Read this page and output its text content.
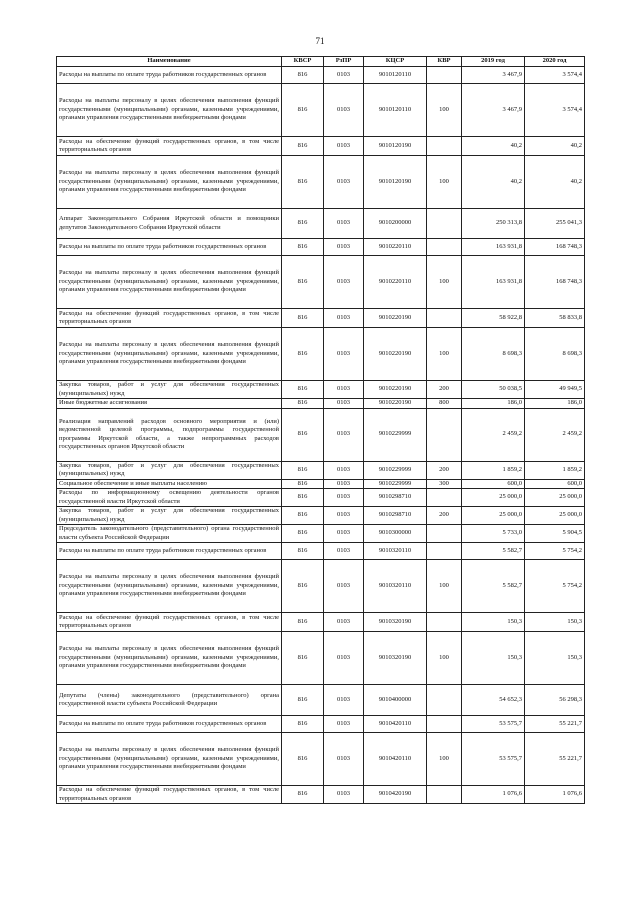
71
Наименование	КВСР	РзПР	КЦСР	КВР	2019 год	2020 год
Расходы на выплаты по оплате труда работников государственных органов	816	0103	9010120110		3 467,9	3 574,4
Расходы на выплаты персоналу в целях обеспечения выполнения функций государственными (муниципальными) органами, казенными учреждениями, органами управления государственными внебюджетными фондами	816	0103	9010120110	100	3 467,9	3 574,4
Расходы на обеспечение функций государственных органов, в том числе территориальных органов	816	0103	9010120190		40,2	40,2
Расходы на выплаты персоналу в целях обеспечения выполнения функций государственными (муниципальными) органами, казенными учреждениями, органами управления государственными внебюджетными фондами	816	0103	9010120190	100	40,2	40,2
Аппарат Законодательного Собрания Иркутской области и помощники депутатов Законодательного Собрания Иркутской области	816	0103	9010200000		250 313,8	255 041,3
Расходы на выплаты по оплате труда работников государственных органов	816	0103	9010220110		163 931,8	168 748,3
Расходы на выплаты персоналу в целях обеспечения выполнения функций государственными (муниципальными) органами, казенными учреждениями, органами управления государственными внебюджетными фондами	816	0103	9010220110	100	163 931,8	168 748,3
Расходы на обеспечение функций государственных органов, в том числе территориальных органов	816	0103	9010220190		58 922,8	58 833,8
Расходы на выплаты персоналу в целях обеспечения выполнения функций государственными (муниципальными) органами, казенными учреждениями, органами управления государственными внебюджетными фондами	816	0103	9010220190	100	8 698,3	8 698,3
Закупка товаров, работ и услуг для обеспечения государственных (муниципальных) нужд	816	0103	9010220190	200	50 038,5	49 949,5
Иные бюджетные ассигнования	816	0103	9010220190	800	186,0	186,0
Реализация направлений расходов основного мероприятия и (или) ведомственной целевой программы, подпрограммы государственной программы Иркутской области, а также непрограммных расходов государственных органов Иркутской области	816	0103	9010229999		2 459,2	2 459,2
Закупка товаров, работ и услуг для обеспечения государственных (муниципальных) нужд	816	0103	9010229999	200	1 859,2	1 859,2
Социальное обеспечение и иные выплаты населению	816	0103	9010229999	300	600,0	600,0
Расходы по информационному освещению деятельности органов государственной власти Иркутской области	816	0103	9010298710		25 000,0	25 000,0
Закупка товаров, работ и услуг для обеспечения государственных (муниципальных) нужд	816	0103	9010298710	200	25 000,0	25 000,0
Председатель законодательного (представительного) органа государственной власти субъекта Российской Федерации	816	0103	9010300000		5 733,0	5 904,5
Расходы на выплаты по оплате труда работников государственных органов	816	0103	9010320110		5 582,7	5 754,2
Расходы на выплаты персоналу в целях обеспечения выполнения функций государственными (муниципальными) органами, казенными учреждениями, органами управления государственными внебюджетными фондами	816	0103	9010320110	100	5 582,7	5 754,2
Расходы на обеспечение функций государственных органов, в том числе территориальных органов	816	0103	9010320190		150,3	150,3
Расходы на выплаты персоналу в целях обеспечения выполнения функций государственными (муниципальными) органами, казенными учреждениями, органами управления государственными внебюджетными фондами	816	0103	9010320190	100	150,3	150,3
Депутаты (члены) законодательного (представительного) органа государственной власти субъекта Российской Федерации	816	0103	9010400000		54 652,3	56 298,3
Расходы на выплаты по оплате труда работников государственных органов	816	0103	9010420110		53 575,7	55 221,7
Расходы на выплаты персоналу в целях обеспечения выполнения функций государственными (муниципальными) органами, казенными учреждениями, органами управления государственными внебюджетными фондами	816	0103	9010420110	100	53 575,7	55 221,7
Расходы на обеспечение функций государственных органов, в том числе территориальных органов	816	0103	9010420190		1 076,6	1 076,6
